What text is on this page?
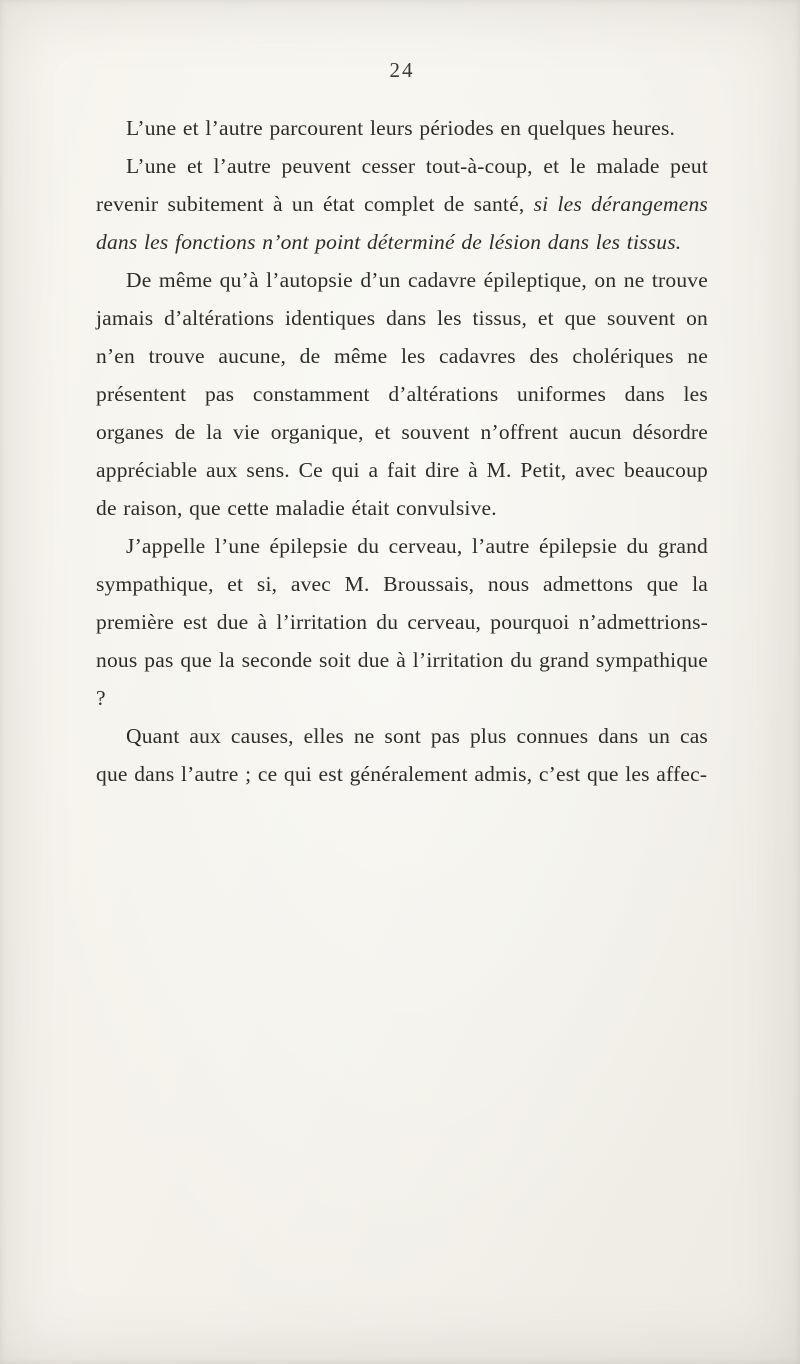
24

L’une et l’autre parcourent leurs périodes en quelques heures.

L’une et l’autre peuvent cesser tout-à-coup, et le malade peut revenir subitement à un état complet de santé, si les dérangemens dans les fonctions n’ont point déterminé de lésion dans les tissus.

De même qu’à l’autopsie d’un cadavre épileptique, on ne trouve jamais d’altérations identiques dans les tissus, et que souvent on n’en trouve aucune, de même les cadavres des cholériques ne présentent pas constamment d’altérations uniformes dans les organes de la vie organique, et souvent n’offrent aucun désordre appréciable aux sens. Ce qui a fait dire à M. Petit, avec beaucoup de raison, que cette maladie était convulsive.

J’appelle l’une épilepsie du cerveau, l’autre épilepsie du grand sympathique, et si, avec M. Broussais, nous admettons que la première est due à l’irritation du cerveau, pourquoi n’admettrions-nous pas que la seconde soit due à l’irritation du grand sympathique ?

Quant aux causes, elles ne sont pas plus connues dans un cas que dans l’autre ; ce qui est généralement admis, c’est que les affec-
